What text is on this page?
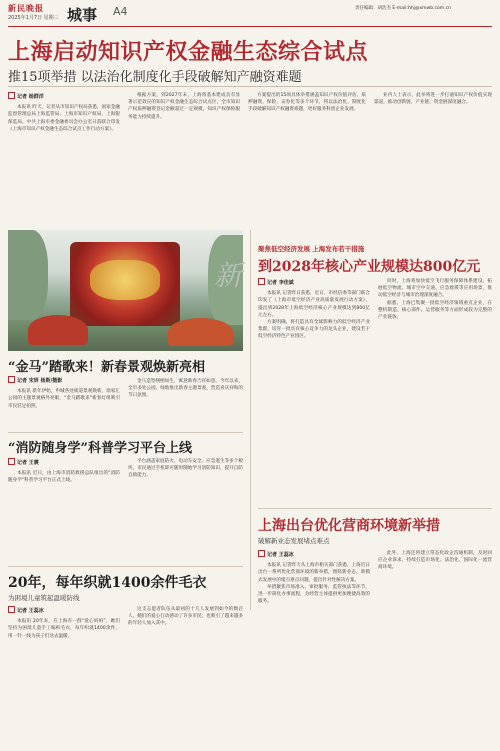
新民晚报
2025年1月7日 星期三 城事 A4	责任编辑：胡浩杰 E-mail:hhj@xmwb.com.cn
上海启动知识产权金融生态综合试点
推15项举措 以法治化制度化手段破解知产融资难题
记者 杨群洋

本报讯 昨天，记者从市知识产权局获悉，国家金融监督管理总局上海监管局、上海市知识产权局、上海银保监局、中共上海市委金融委员会办公室日前联合印发《上海市知识产权金融生态综合试点工作行动方案》。

根据方案，到2027年末，上海将基本建成具有显著示范效应的知识产权金融生态综合试点区，全市知识产权质押融资登记金额超过一定规模，知识产权保险服务能力持续提升。

方案提出的15项具体举措涵盖知识产权价值评估、质押融资、保险、证券化等多个环节，将以法治化、制度化手段破解知识产权融资难题，更好服务科创企业发展。

业内人士表示，此举将进一步打通知识产权价值实现渠道，推动创新链、产业链、资金链深度融合。

新
聚焦低空经济发展 上海发布若干措施
到2028年核心产业规模达800亿元
记者 李佳斌

本报讯 记者昨日获悉，近日，市经信委等部门联合印发了《上海市低空经济产业高质量发展行动方案》，提出到2028年上海低空经济核心产业规模达到800亿元左右。

方案明确，将打造具有全球影响力的低空经济产业集群，培育一批具有核心竞争力的龙头企业，建设若干低空经济特色产业园区。

同时，上海将加快低空飞行服务保障体系建设，拓展低空物流、城市空中交通、应急救援等应用场景，推动低空经济与城市治理深度融合。

据悉，上海已集聚一批低空经济领域重点企业，在整机制造、核心部件、运营服务等方面形成较为完整的产业链条。

“金马”踏歌来！新春景观焕新亮相
记者 宋妍 杨斯/摄影

本报讯 新年伊始，申城各处街道景观焕新，徐家汇公园的主题景观格外亮眼，“金马踏歌来”新春灯组吸引市民驻足拍照。

金马造型栩栩如生，寓意新春吉祥如意。今年以来，全市多处公园、绿地推出新春主题景观，营造喜庆祥和的节日氛围。

“消防随身学”科普学习平台上线
记者 王震

本报讯 近日，由上海市消防救援总队推出的“消防随身学”科普学习平台正式上线。

平台涵盖家庭防火、电动车安全、应急逃生等多个板块，市民通过手机即可随时随地学习消防知识，提升自防自救能力。

20年，每年织就1400余件毛衣
为困境儿童筑起温暖防线
记者 王蕊冰

本报讯 20年来，在上海有一群“爱心妈妈”，她们坚持为困境儿童手工编织毛衣，每年织就1400余件，用一针一线为孩子们送去温暖。

这支志愿者队伍从最初的十几人发展到如今的数百人，她们的爱心行动感动了许多市民，也吸引了越来越多的年轻人加入其中。

上海出台优化营商环境新举措
破解新业态发展堵点难点
记者 王蕊冰

本报讯 记者昨天从上海市相关部门获悉，上海近日出台一系列优化营商环境的新举措，围绕新业态、新模式发展中的堵点难点问题，提出针对性解决方案。

举措聚焦市场准入、审批服务、监管执法等环节，进一步简化办事流程，为经营主体提供更加便捷高效的服务。

此外，上海还将建立常态化政企沟通机制，及时回应企业诉求，持续打造市场化、法治化、国际化一流营商环境。
